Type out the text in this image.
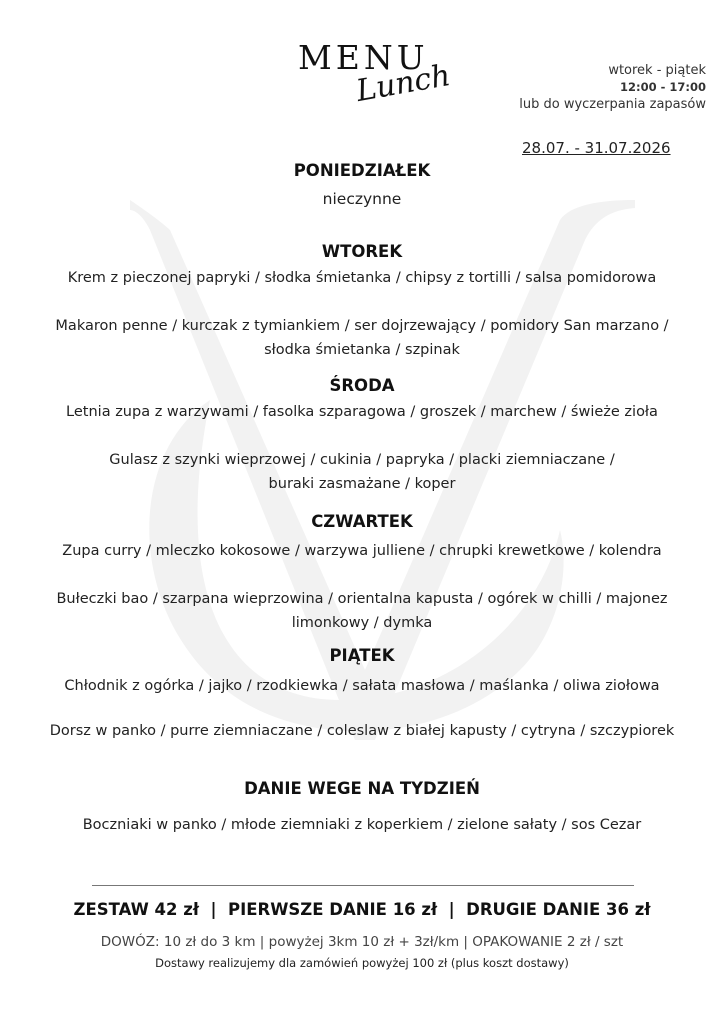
MENU
Lunch	wtorek - piątek
12:00 - 17:00
lub do wyczerpania zapasów
28.07. - 31.07.2026
PONIEDZIAŁEK
nieczynne
WTOREK
Krem z pieczonej papryki / słodka śmietanka / chipsy z tortilli / salsa pomidorowa
Makaron penne / kurczak z tymiankiem / ser dojrzewający / pomidory San marzano /
słodka śmietanka / szpinak
ŚRODA
Letnia zupa z warzywami / fasolka szparagowa / groszek / marchew / świeże zioła
Gulasz z szynki wieprzowej / cukinia / papryka / placki ziemniaczane /
buraki zasmażane / koper
CZWARTEK
Zupa curry / mleczko kokosowe / warzywa julliene / chrupki krewetkowe / kolendra
Bułeczki bao / szarpana wieprzowina / orientalna kapusta / ogórek w chilli / majonez
limonkowy / dymka
PIĄTEK
Chłodnik z ogórka / jajko / rzodkiewka / sałata masłowa / maślanka / oliwa ziołowa
Dorsz w panko / purre ziemniaczane / coleslaw z białej kapusty / cytryna / szczypiorek
DANIE WEGE NA TYDZIEŃ
Boczniaki w panko / młode ziemniaki z koperkiem / zielone sałaty / sos Cezar
ZESTAW 42 zł  |  PIERWSZE DANIE 16 zł  |  DRUGIE DANIE 36 zł
DOWÓZ: 10 zł do 3 km | powyżej 3km 10 zł + 3zł/km | OPAKOWANIE 2 zł / szt
Dostawy realizujemy dla zamówień powyżej 100 zł (plus koszt dostawy)
